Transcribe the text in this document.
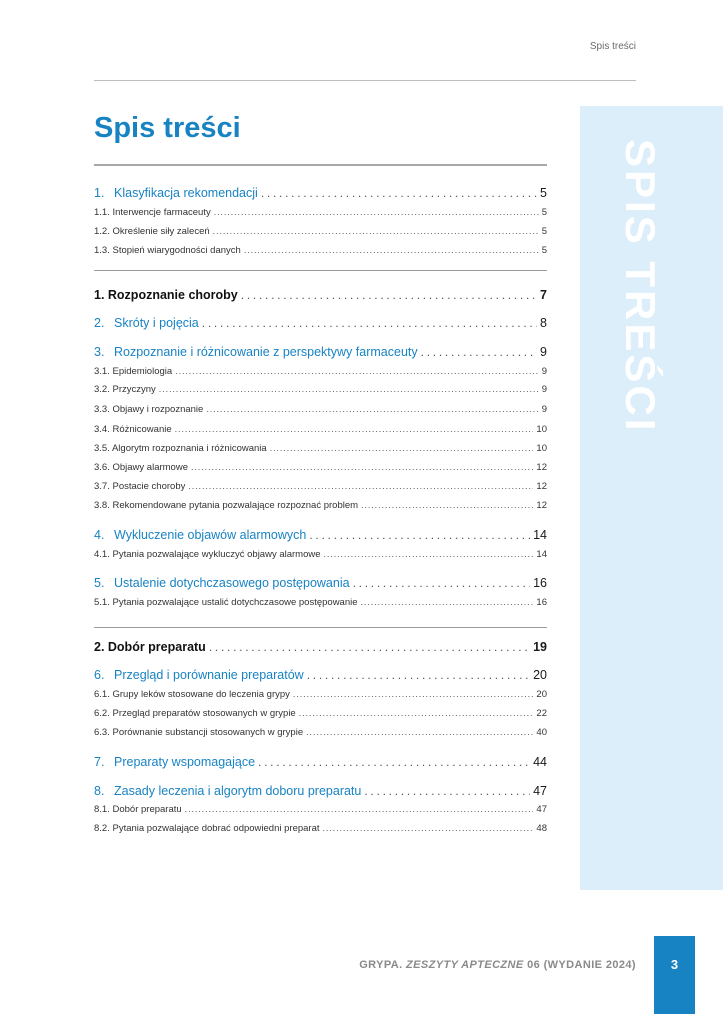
Spis treści
SPIS TREŚCI
Spis treści
1. Klasyfikacja rekomendacji . . .	5
1.1. Interwencje farmaceuty . . .	5
1.2. Określenie siły zaleceń . . .	5
1.3. Stopień wiarygodności danych . . .	5
1. Rozpoznanie choroby . . .	7
2. Skróty i pojęcia . . .	8
3. Rozpoznanie i różnicowanie z perspektywy farmaceuty . . .	9
3.1. Epidemiologia . . .	9
3.2. Przyczyny . . .	9
3.3. Objawy i rozpoznanie . . .	9
3.4. Różnicowanie . . .	10
3.5. Algorytm rozpoznania i różnicowania . . .	10
3.6. Objawy alarmowe . . .	12
3.7. Postacie choroby . . .	12
3.8. Rekomendowane pytania pozwalające rozpoznać problem . . .	12
4. Wykluczenie objawów alarmowych . . .	14
4.1. Pytania pozwalające wykluczyć objawy alarmowe . . .	14
5. Ustalenie dotychczasowego postępowania . . .	16
5.1. Pytania pozwalające ustalić dotychczasowe postępowanie . . .	16
2. Dobór preparatu . . .	19
6. Przegląd i porównanie preparatów . . .	20
6.1. Grupy leków stosowane do leczenia grypy . . .	20
6.2. Przegląd preparatów stosowanych w grypie . . .	22
6.3. Porównanie substancji stosowanych w grypie . . .	40
7. Preparaty wspomagające . . .	44
8. Zasady leczenia i algorytm doboru preparatu . . .	47
8.1. Dobór preparatu . . .	47
8.2. Pytania pozwalające dobrać odpowiedni preparat . . .	48
GRYPA. ZESZYTY APTECZNE 06 (WYDANIE 2024)	3
